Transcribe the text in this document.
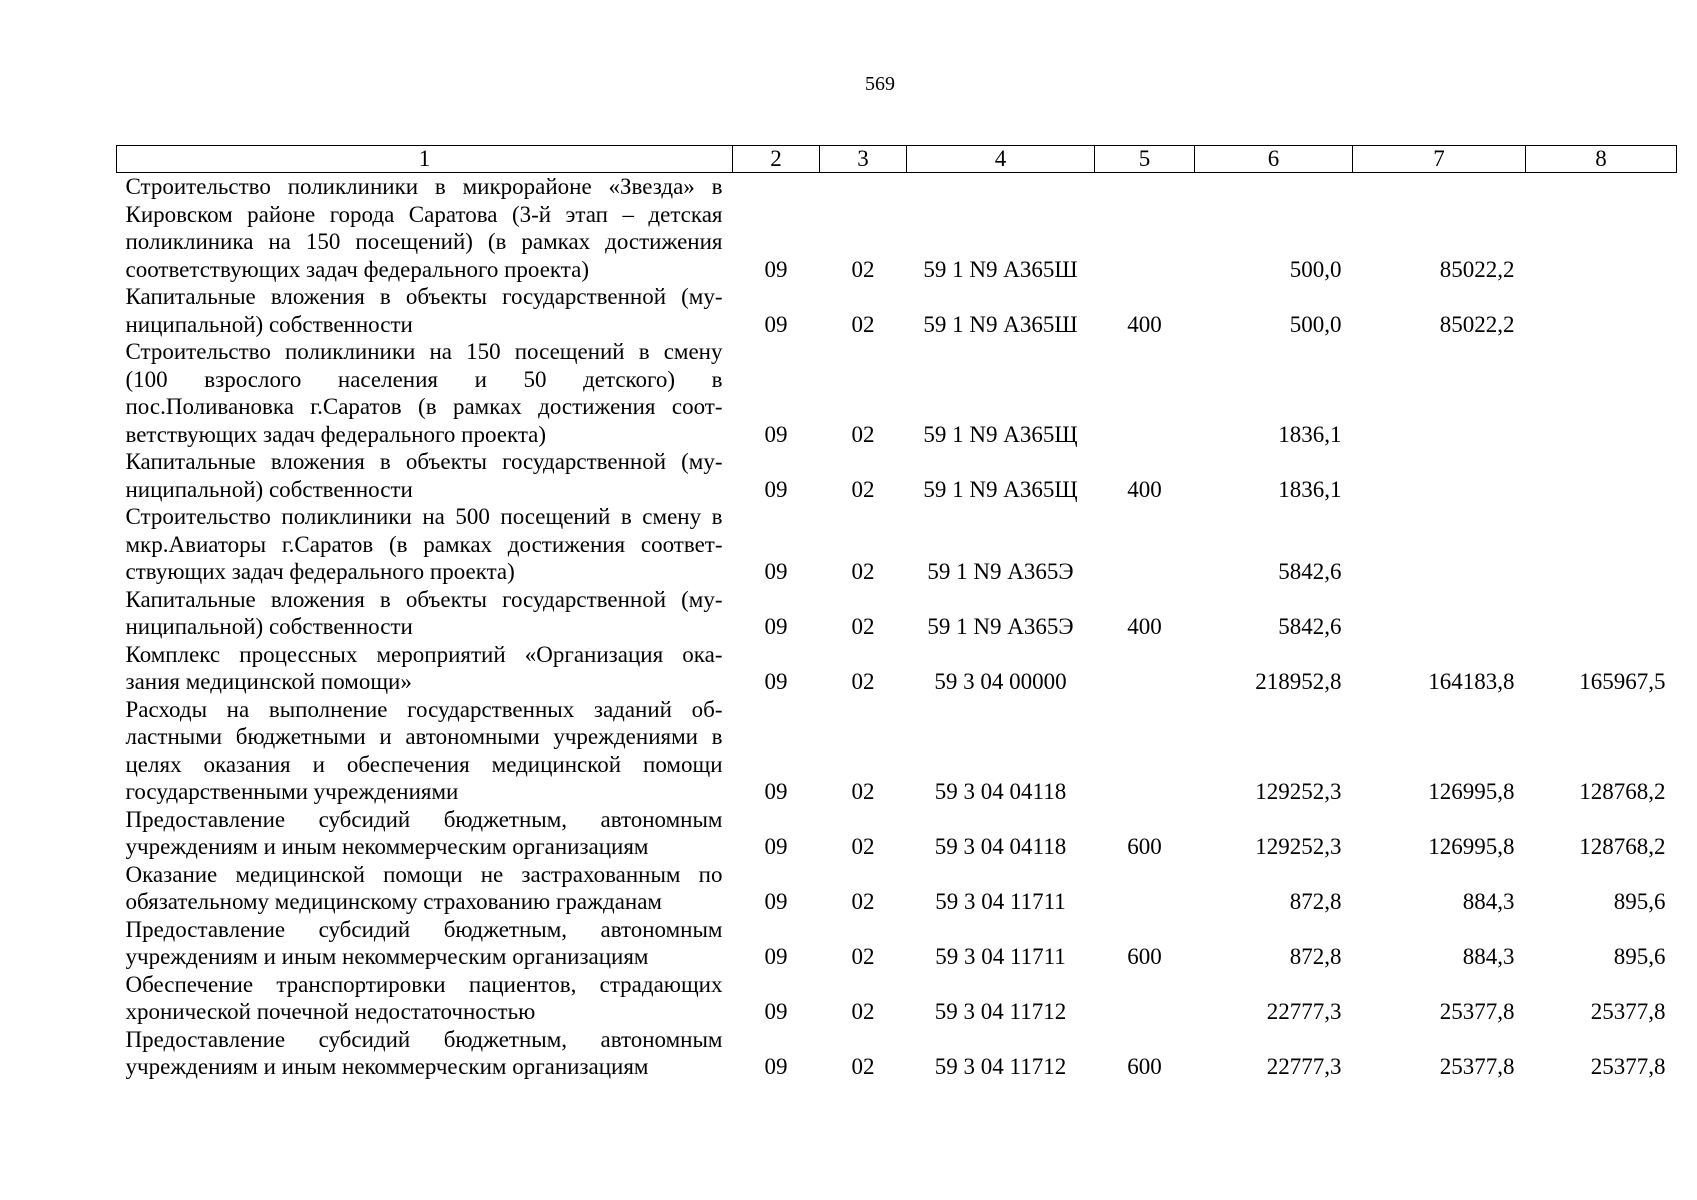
569
1	2	3	4	5	6	7	8

Строительство поликлиники в микрорайоне «Звезда» в
Кировском районе города Саратова (3-й этап – детская
поликлиника на 150 посещений) (в рамках достижения
соответствующих задач федерального проекта)	09	02	59 1 N9 А365Ш		500,0	85022,2	

Капитальные вложения в объекты государственной (му-
ниципальной) собственности	09	02	59 1 N9 А365Ш	400	500,0	85022,2	

Строительство поликлиники на 150 посещений в смену
(100 взрослого населения и 50 детского) в
пос.Поливановка г.Саратов (в рамках достижения соот-
ветствующих задач федерального проекта)	09	02	59 1 N9 А365Щ		1836,1		

Капитальные вложения в объекты государственной (му-
ниципальной) собственности	09	02	59 1 N9 А365Щ	400	1836,1		

Строительство поликлиники на 500 посещений в смену в
мкр.Авиаторы г.Саратов (в рамках достижения соответ-
ствующих задач федерального проекта)	09	02	59 1 N9 А365Э		5842,6		

Капитальные вложения в объекты государственной (му-
ниципальной) собственности	09	02	59 1 N9 А365Э	400	5842,6		

Комплекс процессных мероприятий «Организация ока-
зания медицинской помощи»	09	02	59 3 04 00000		218952,8	164183,8	165967,5

Расходы на выполнение государственных заданий об-
ластными бюджетными и автономными учреждениями в
целях оказания и обеспечения медицинской помощи
государственными учреждениями	09	02	59 3 04 04118		129252,3	126995,8	128768,2

Предоставление субсидий бюджетным, автономным
учреждениям и иным некоммерческим организациям	09	02	59 3 04 04118	600	129252,3	126995,8	128768,2

Оказание медицинской помощи не застрахованным по
обязательному медицинскому страхованию гражданам	09	02	59 3 04 11711		872,8	884,3	895,6

Предоставление субсидий бюджетным, автономным
учреждениям и иным некоммерческим организациям	09	02	59 3 04 11711	600	872,8	884,3	895,6

Обеспечение транспортировки пациентов, страдающих
хронической почечной недостаточностью	09	02	59 3 04 11712		22777,3	25377,8	25377,8

Предоставление субсидий бюджетным, автономным
учреждениям и иным некоммерческим организациям	09	02	59 3 04 11712	600	22777,3	25377,8	25377,8
